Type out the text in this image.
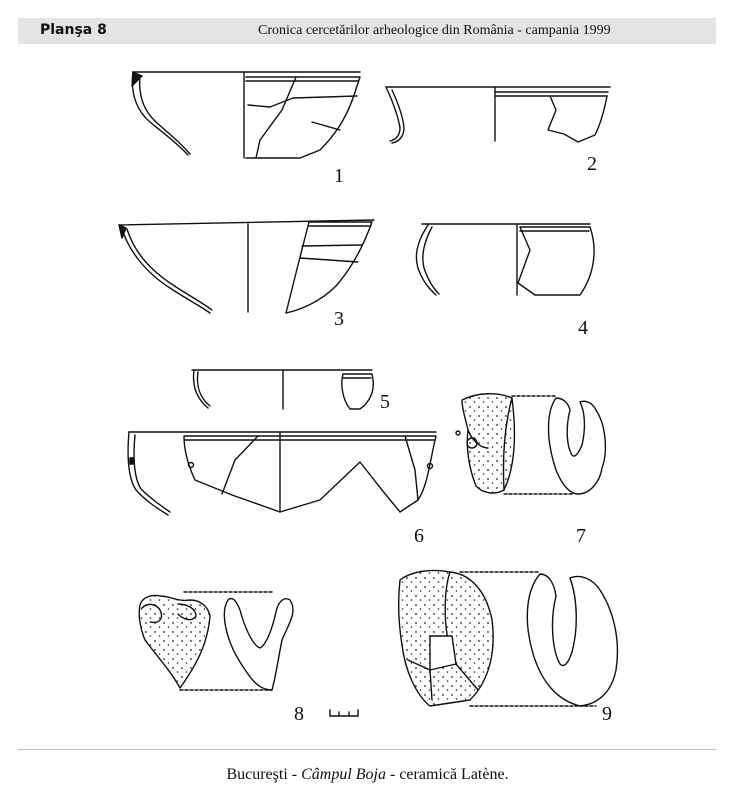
Planşa 8	Cronica cercetărilor arheologice din România - campania 1999
1
2
3	4
5
6	7
8	9
Bucureşti - Câmpul Boja - ceramică Latène.
